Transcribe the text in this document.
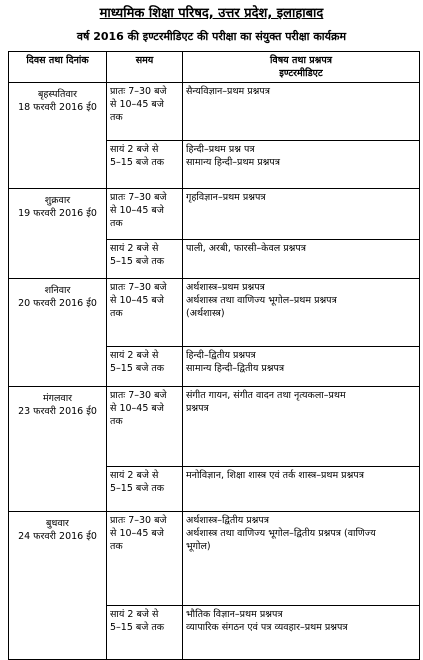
माध्यमिक शिक्षा परिषद, उत्तर प्रदेश, इलाहाबाद
वर्ष 2016 की इण्टरमीडिएट की परीक्षा का संयुक्त परीक्षा कार्यक्रम
दिवस तथा दिनांक	समय	विषय तथा प्रश्नपत्र
इण्टरमीडिएट

बृहस्पतिवार
18 फरवरी 2016 ई0	प्रातः 7–30 बजे
से 10–45 बजे
तक	सैन्यविज्ञान–प्रथम प्रश्नपत्र

	सायं 2 बजे से
5–15 बजे तक	हिन्दी–प्रथम प्रश्न पत्र
सामान्य हिन्दी–प्रथम प्रश्नपत्र

शुक्रवार
19 फरवरी 2016 ई0	प्रातः 7–30 बजे
से 10–45 बजे
तक	गृहविज्ञान–प्रथम प्रश्नपत्र

	सायं 2 बजे से
5–15 बजे तक	पाली, अरबी, फारसी–केवल प्रश्नपत्र

शनिवार
20 फरवरी 2016 ई0	प्रातः 7–30 बजे
से 10–45 बजे
तक	अर्थशास्त्र–प्रथम प्रश्नपत्र
अर्थशास्त्र तथा वाणिज्य भूगोल–प्रथम प्रश्नपत्र
(अर्थशास्त्र)

	सायं 2 बजे से
5–15 बजे तक	हिन्दी–द्वितीय प्रश्नपत्र
सामान्य हिन्दी–द्वितीय प्रश्नपत्र

मंगलवार
23 फरवरी 2016 ई0	प्रातः 7–30 बजे
से 10–45 बजे
तक	संगीत गायन, संगीत वादन तथा नृत्यकला–प्रथम
प्रश्नपत्र

	सायं 2 बजे से
5–15 बजे तक	मनोविज्ञान, शिक्षा शास्त्र एवं तर्क शास्त्र–प्रथम प्रश्नपत्र

बुधवार
24 फरवरी 2016 ई0	प्रातः 7–30 बजे
से 10–45 बजे
तक	अर्थशास्त्र–द्वितीय प्रश्नपत्र
अर्थशास्त्र तथा वाणिज्य भूगोल–द्वितीय प्रश्नपत्र (वाणिज्य
भूगोल)

	सायं 2 बजे से
5–15 बजे तक	भौतिक विज्ञान–प्रथम प्रश्नपत्र
व्यापारिक संगठन एवं पत्र व्यवहार–प्रथम प्रश्नपत्र
